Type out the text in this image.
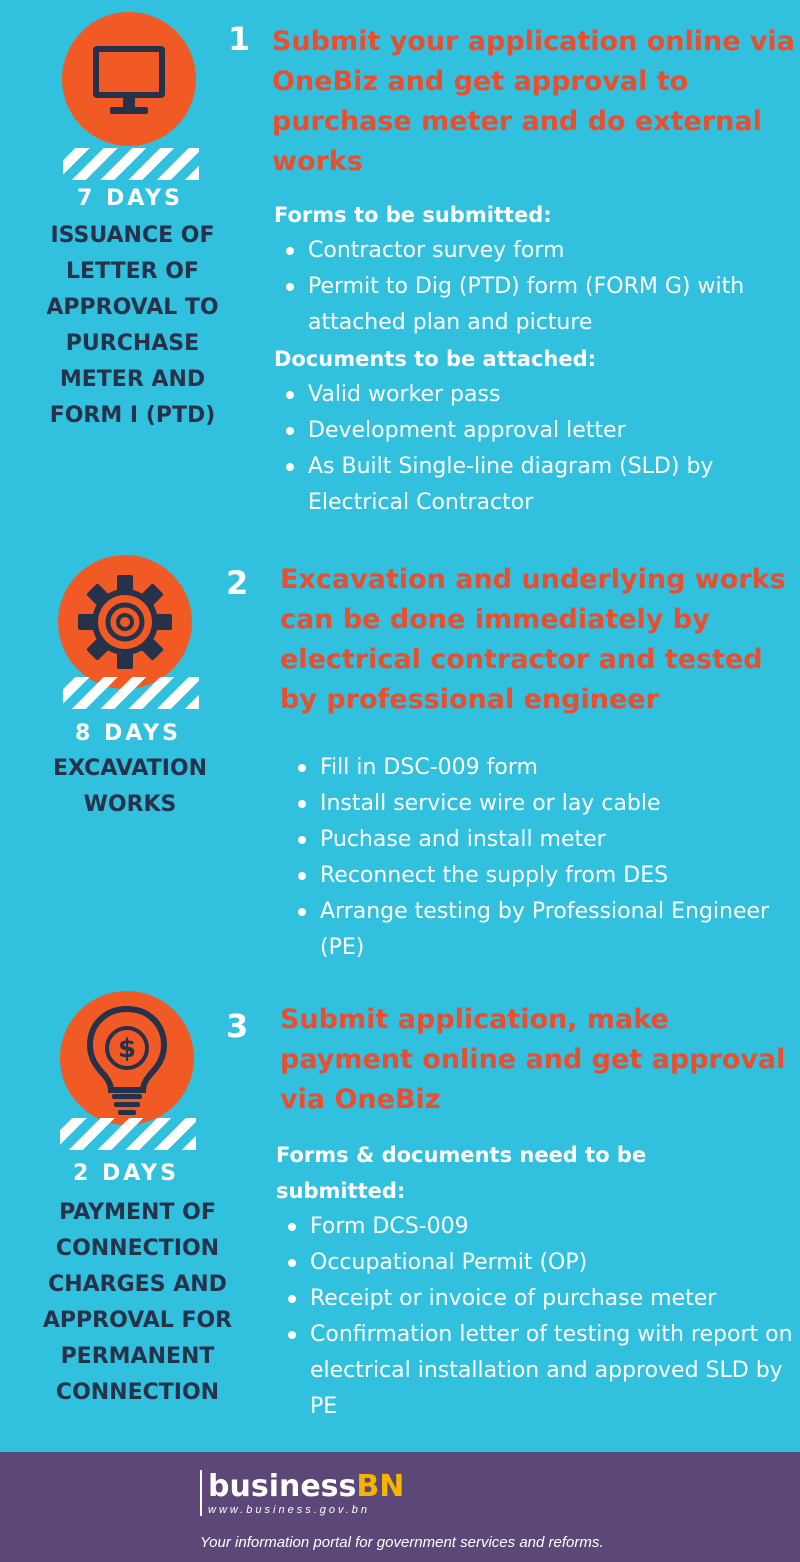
7 DAYS
ISSUANCE OF
LETTER OF
APPROVAL TO
PURCHASE
METER AND
FORM I (PTD)
1 Submit your application online via
OneBiz and get approval to
purchase meter and do external
works
Forms to be submitted:
Contractor survey form
Permit to Dig (PTD) form (FORM G) with attached plan and picture
Documents to be attached:
Valid worker pass
Development approval letter
As Built Single-line diagram (SLD) by Electrical Contractor
8 DAYS
EXCAVATION
WORKS
2 Excavation and underlying works
can be done immediately by
electrical contractor and tested
by professional engineer
Fill in DSC-009 form
Install service wire or lay cable
Puchase and install meter
Reconnect the supply from DES
Arrange testing by Professional Engineer (PE)
$
2 DAYS
PAYMENT OF
CONNECTION
CHARGES AND
APPROVAL FOR
PERMANENT
CONNECTION
3 Submit application, make
payment online and get approval
via OneBiz
Forms & documents need to be submitted:
Form DCS-009
Occupational Permit (OP)
Receipt or invoice of purchase meter
Confirmation letter of testing with report on electrical installation and approved SLD by PE
businessBN
www.business.gov.bn
Your information portal for government services and reforms.
